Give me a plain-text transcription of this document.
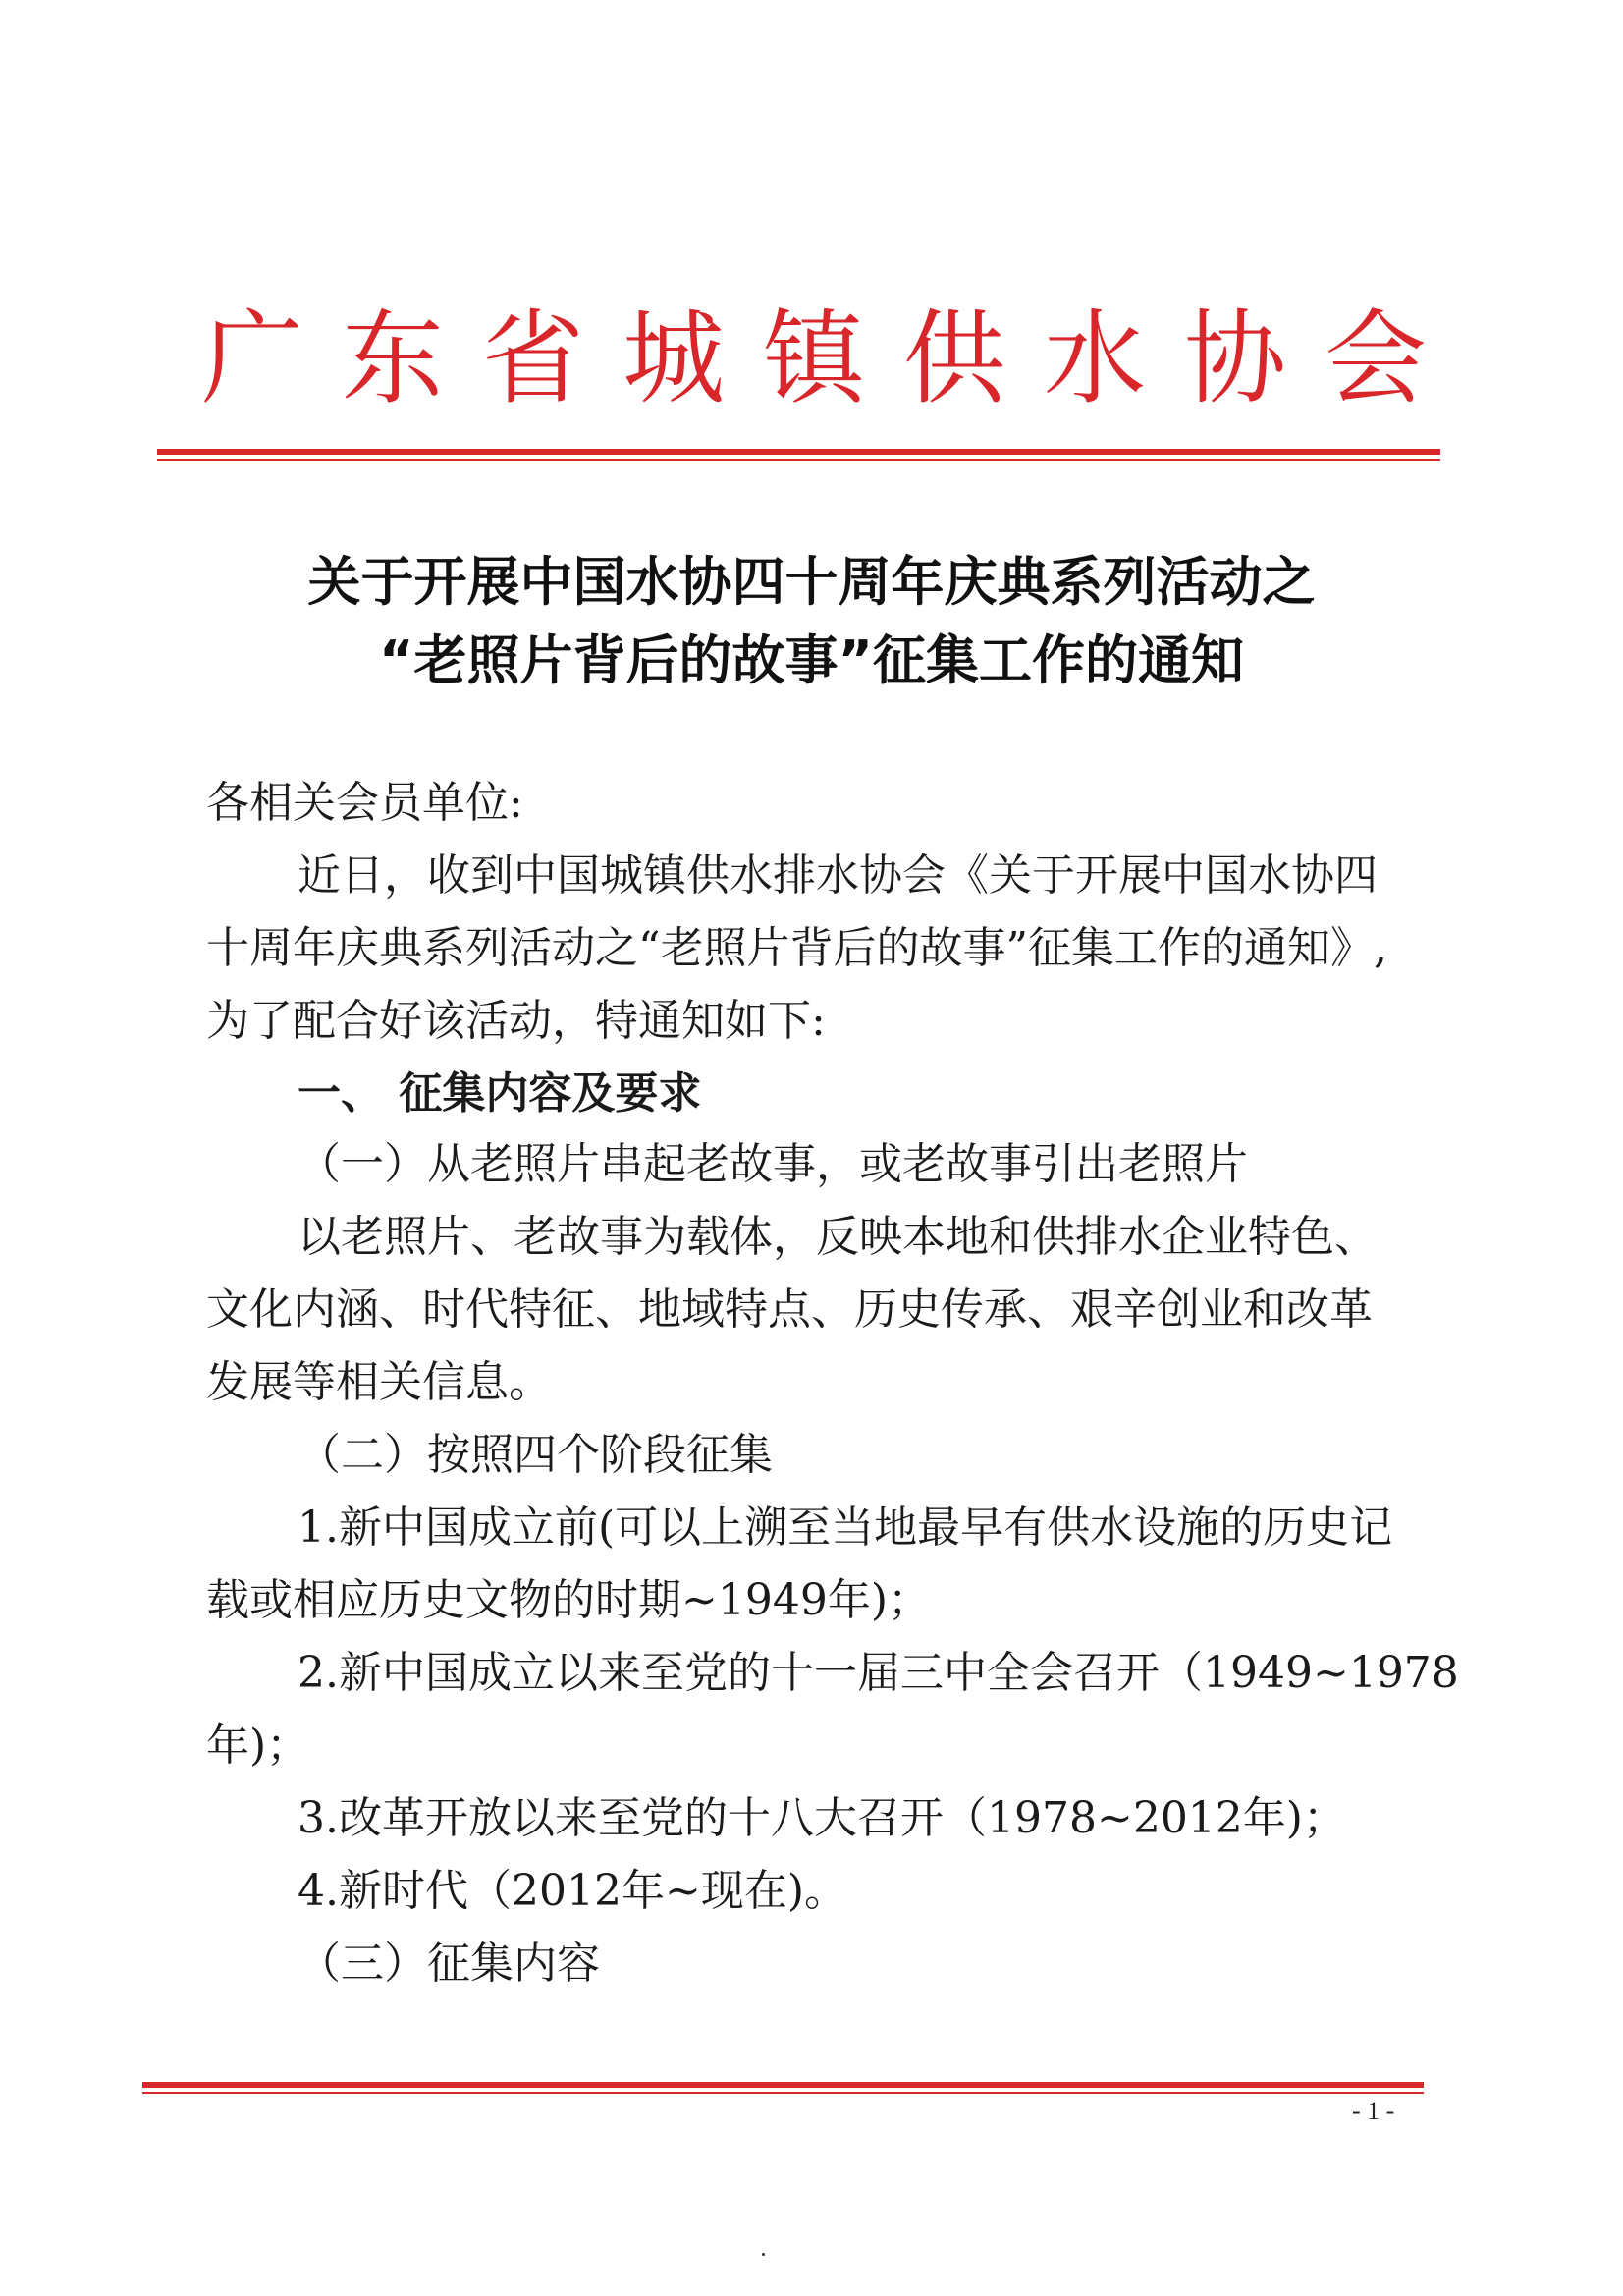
广东省城镇供水协会
关于开展中国水协四十周年庆典系列活动之
“老照片背后的故事”征集工作的通知
各相关会员单位:
近日，收到中国城镇供水排水协会《关于开展中国水协四
十周年庆典系列活动之“老照片背后的故事”征集工作的通知》,
为了配合好该活动，特通知如下:
一、 征集内容及要求
（一）从老照片串起老故事，或老故事引出老照片
以老照片、老故事为载体，反映本地和供排水企业特色、
文化内涵、时代特征、地域特点、历史传承、艰辛创业和改革
发展等相关信息。
（二）按照四个阶段征集
1.新中国成立前(可以上溯至当地最早有供水设施的历史记
载或相应历史文物的时期~1949年)；
2.新中国成立以来至党的十一届三中全会召开（1949~1978
年)；
3.改革开放以来至党的十八大召开（1978~2012年)；
4.新时代（2012年~现在)。
（三）征集内容
- 1 -
